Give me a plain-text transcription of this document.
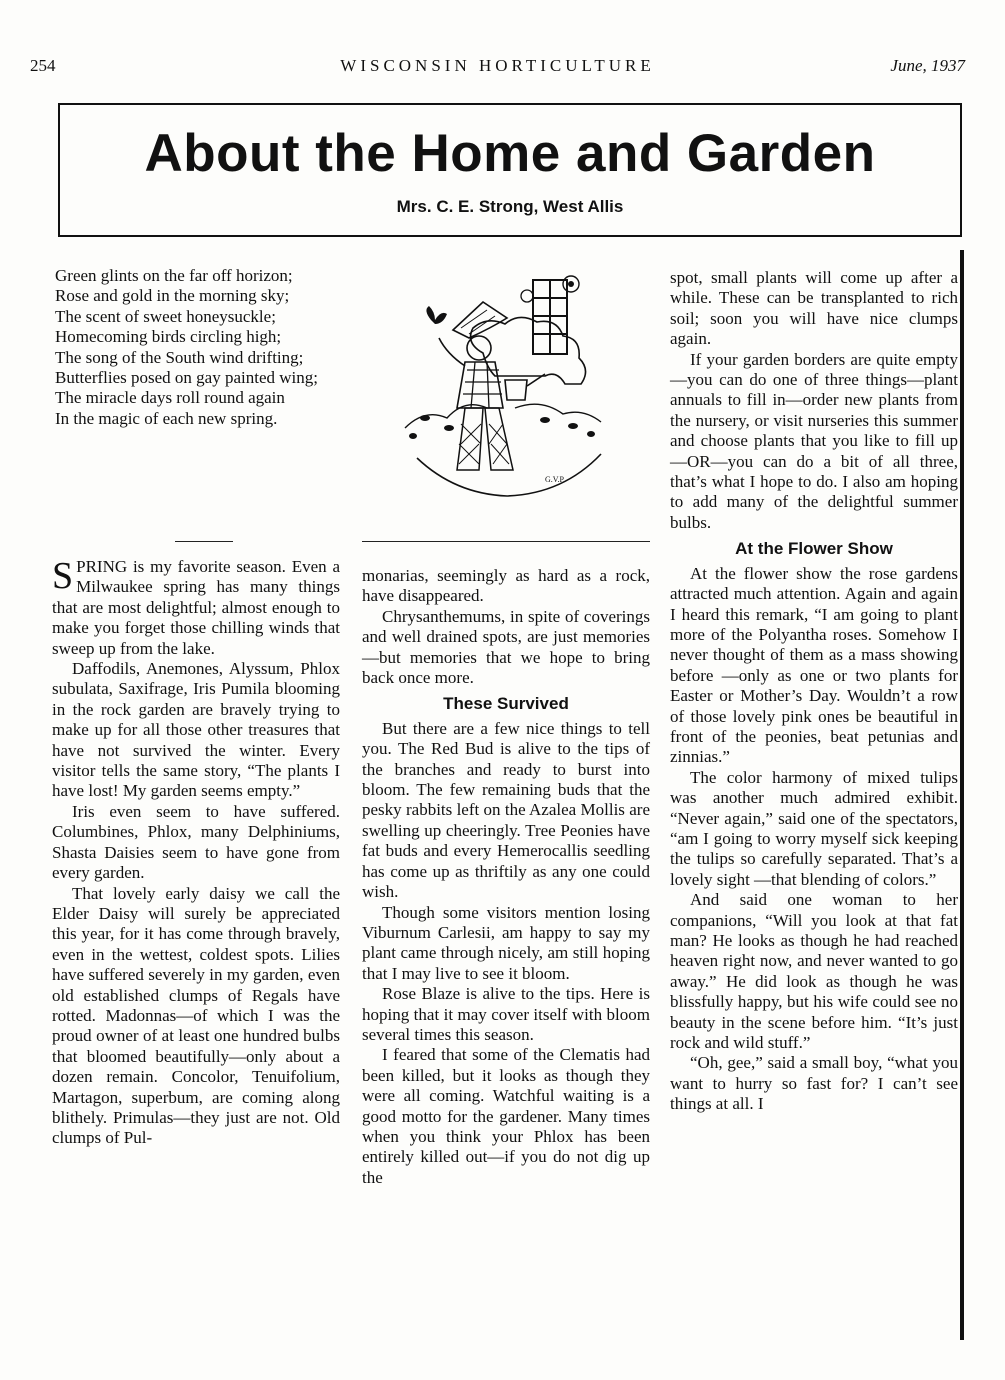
254	WISCONSIN HORTICULTURE	June, 1937
About the Home and Garden
Mrs. C. E. Strong, West Allis
Green glints on the far off horizon;
Rose and gold in the morning sky;
The scent of sweet honeysuckle;
Homecoming birds circling high;
The song of the South wind drifting;
Butterflies posed on gay painted wing;
The miracle days roll round again
In the magic of each new spring.
G.V.P.

SPRING is my favorite season. Even a Milwaukee spring has many things that are most delightful; almost enough to make you forget those chilling winds that sweep up from the lake.

Daffodils, Anemones, Alyssum, Phlox subulata, Saxifrage, Iris Pumila blooming in the rock garden are bravely trying to make up for all those other treasures that have not survived the winter. Every visitor tells the same story, “The plants I have lost! My garden seems empty.”

Iris even seem to have suffered. Columbines, Phlox, many Delphiniums, Shasta Daisies seem to have gone from every garden.

That lovely early daisy we call the Elder Daisy will surely be appreciated this year, for it has come through bravely, even in the wettest, coldest spots. Lilies have suffered severely in my garden, even old established clumps of Regals have rotted. Madonnas—of which I was the proud owner of at least one hundred bulbs that bloomed beautifully—only about a dozen remain. Concolor, Tenuifolium, Martagon, superbum, are coming along blithely. Primulas—they just are not. Old clumps of Pul-

monarias, seemingly as hard as a rock, have disappeared.

Chrysanthemums, in spite of coverings and well drained spots, are just memories—but memories that we hope to bring back once more.

These Survived

But there are a few nice things to tell you. The Red Bud is alive to the tips of the branches and ready to burst into bloom. The few remaining buds that the pesky rabbits left on the Azalea Mollis are swelling up cheeringly. Tree Peonies have fat buds and every Hemerocallis seedling has come up as thriftily as any one could wish.

Though some visitors mention losing Viburnum Carlesii, am happy to say my plant came through nicely, am still hoping that I may live to see it bloom.

Rose Blaze is alive to the tips. Here is hoping that it may cover itself with bloom several times this season.

I feared that some of the Clematis had been killed, but it looks as though they were all coming. Watchful waiting is a good motto for the gardener. Many times when you think your Phlox has been entirely killed out—if you do not dig up the

spot, small plants will come up after a while. These can be transplanted to rich soil; soon you will have nice clumps again.

If your garden borders are quite empty—you can do one of three things—plant annuals to fill in—order new plants from the nursery, or visit nurseries this summer and choose plants that you like to fill up—OR—you can do a bit of all three, that’s what I hope to do. I also am hoping to add many of the delightful summer bulbs.

At the Flower Show

At the flower show the rose gardens attracted much attention. Again and again I heard this remark, “I am going to plant more of the Polyantha roses. Somehow I never thought of them as a mass showing before —only as one or two plants for Easter or Mother’s Day. Wouldn’t a row of those lovely pink ones be beautiful in front of the peonies, beat petunias and zinnias.”

The color harmony of mixed tulips was another much admired exhibit. “Never again,” said one of the spectators, “am I going to worry myself sick keeping the tulips so carefully separated. That’s a lovely sight —that blending of colors.”

And said one woman to her companions, “Will you look at that fat man? He looks as though he had reached heaven right now, and never wanted to go away.” He did look as though he was blissfully happy, but his wife could see no beauty in the scene before him. “It’s just rock and wild stuff.”

“Oh, gee,” said a small boy, “what you want to hurry so fast for? I can’t see things at all. I
